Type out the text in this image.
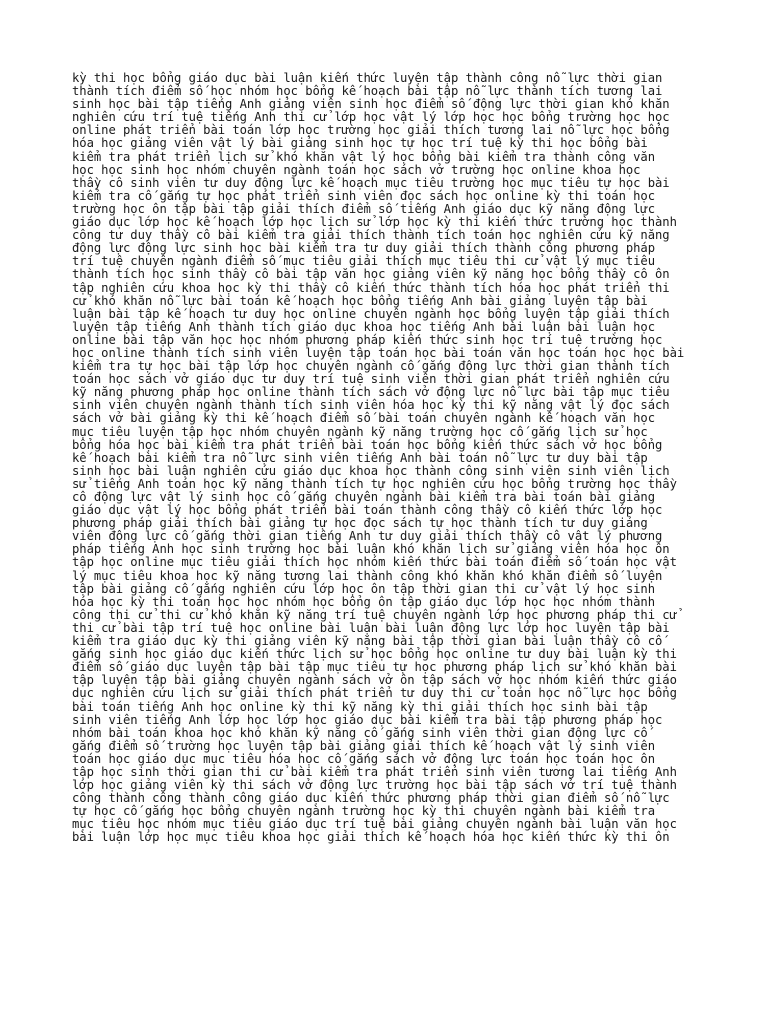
kỳ thi học bổng giáo dục bài luận kiến thức luyện tập thành công nỗ lực thời gian
thành tích điểm số học nhóm học bổng kế hoạch bài tập nỗ lực thành tích tương lai
sinh học bài tập tiếng Anh giảng viên sinh học điểm số động lực thời gian khó khăn
nghiên cứu trí tuệ tiếng Anh thi cử lớp học vật lý lớp học học bổng trường học học
online phát triển bài toán lớp học trường học giải thích tương lai nỗ lực học bổng
hóa học giảng viên vật lý bài giảng sinh học tự học trí tuệ kỳ thi học bổng bài
kiểm tra phát triển lịch sử khó khăn vật lý học bổng bài kiểm tra thành công văn
học học sinh học nhóm chuyên ngành toán học sách vở trường học online khoa học
thầy cô sinh viên tư duy động lực kế hoạch mục tiêu trường học mục tiêu tự học bài
kiểm tra cố gắng tự học phát triển sinh viên đọc sách học online kỳ thi toán học
trường học ôn tập bài tập giải thích điểm số tiếng Anh giáo dục kỹ năng động lực
giáo dục lớp học kế hoạch lớp học lịch sử lớp học kỳ thi kiến thức trường học thành
công tư duy thầy cô bài kiểm tra giải thích thành tích toán học nghiên cứu kỹ năng
động lực động lực sinh học bài kiểm tra tư duy giải thích thành công phương pháp
trí tuệ chuyên ngành điểm số mục tiêu giải thích mục tiêu thi cử vật lý mục tiêu
thành tích học sinh thầy cô bài tập văn học giảng viên kỹ năng học bổng thầy cô ôn
tập nghiên cứu khoa học kỳ thi thầy cô kiến thức thành tích hóa học phát triển thi
cử khó khăn nỗ lực bài toán kế hoạch học bổng tiếng Anh bài giảng luyện tập bài
luận bài tập kế hoạch tư duy học online chuyên ngành học bổng luyện tập giải thích
luyện tập tiếng Anh thành tích giáo dục khoa học tiếng Anh bài luận bài luận học
online bài tập văn học học nhóm phương pháp kiến thức sinh học trí tuệ trường học
học online thành tích sinh viên luyện tập toán học bài toán văn học toán học học bài
kiểm tra tự học bài tập lớp học chuyên ngành cố gắng động lực thời gian thành tích
toán học sách vở giáo dục tư duy trí tuệ sinh viên thời gian phát triển nghiên cứu
kỹ năng phương pháp học online thành tích sách vở động lực nỗ lực bài tập mục tiêu
sinh viên chuyên ngành thành tích sinh viên hóa học kỳ thi kỹ năng vật lý đọc sách
sách vở bài giảng kỳ thi kế hoạch điểm số bài toán chuyên ngành kế hoạch văn học
mục tiêu luyện tập học nhóm chuyên ngành kỹ năng trường học cố gắng lịch sử học
bổng hóa học bài kiểm tra phát triển bài toán học bổng kiến thức sách vở học bổng
kế hoạch bài kiểm tra nỗ lực sinh viên tiếng Anh bài toán nỗ lực tư duy bài tập
sinh học bài luận nghiên cứu giáo dục khoa học thành công sinh viên sinh viên lịch
sử tiếng Anh toán học kỹ năng thành tích tự học nghiên cứu học bổng trường học thầy
cô động lực vật lý sinh học cố gắng chuyên ngành bài kiểm tra bài toán bài giảng
giáo dục vật lý học bổng phát triển bài toán thành công thầy cô kiến thức lớp học
phương pháp giải thích bài giảng tự học đọc sách tự học thành tích tư duy giảng
viên động lực cố gắng thời gian tiếng Anh tư duy giải thích thầy cô vật lý phương
pháp tiếng Anh học sinh trường học bài luận khó khăn lịch sử giảng viên hóa học ôn
tập học online mục tiêu giải thích học nhóm kiến thức bài toán điểm số toán học vật
lý mục tiêu khoa học kỹ năng tương lai thành công khó khăn khó khăn điểm số luyện
tập bài giảng cố gắng nghiên cứu lớp học ôn tập thời gian thi cử vật lý học sinh
hóa học kỳ thi toán học học nhóm học bổng ôn tập giáo dục lớp học học nhóm thành
công thi cử thi cử khó khăn kỹ năng trí tuệ chuyên ngành lớp học phương pháp thi cử
thi cử bài tập trí tuệ học online bài luận bài luận động lực lớp học luyện tập bài
kiểm tra giáo dục kỳ thi giảng viên kỹ năng bài tập thời gian bài luận thầy cô cố
gắng sinh học giáo dục kiến thức lịch sử học bổng học online tư duy bài luận kỳ thi
điểm số giáo dục luyện tập bài tập mục tiêu tự học phương pháp lịch sử khó khăn bài
tập luyện tập bài giảng chuyên ngành sách vở ôn tập sách vở học nhóm kiến thức giáo
dục nghiên cứu lịch sử giải thích phát triển tư duy thi cử toán học nỗ lực học bổng
bài toán tiếng Anh học online kỳ thi kỹ năng kỳ thi giải thích học sinh bài tập
sinh viên tiếng Anh lớp học lớp học giáo dục bài kiểm tra bài tập phương pháp học
nhóm bài toán khoa học khó khăn kỹ năng cố gắng sinh viên thời gian động lực cố
gắng điểm số trường học luyện tập bài giảng giải thích kế hoạch vật lý sinh viên
toán học giáo dục mục tiêu hóa học cố gắng sách vở động lực toán học toán học ôn
tập học sinh thời gian thi cử bài kiểm tra phát triển sinh viên tương lai tiếng Anh
lớp học giảng viên kỳ thi sách vở động lực trường học bài tập sách vở trí tuệ thành
công thành công thành công giáo dục kiến thức phương pháp thời gian điểm số nỗ lực
tự học cố gắng học bổng chuyên ngành trường học kỳ thi chuyên ngành bài kiểm tra
mục tiêu học nhóm mục tiêu giáo dục trí tuệ bài giảng chuyên ngành bài luận văn học
bài luận lớp học mục tiêu khoa học giải thích kế hoạch hóa học kiến thức kỳ thi ôn
